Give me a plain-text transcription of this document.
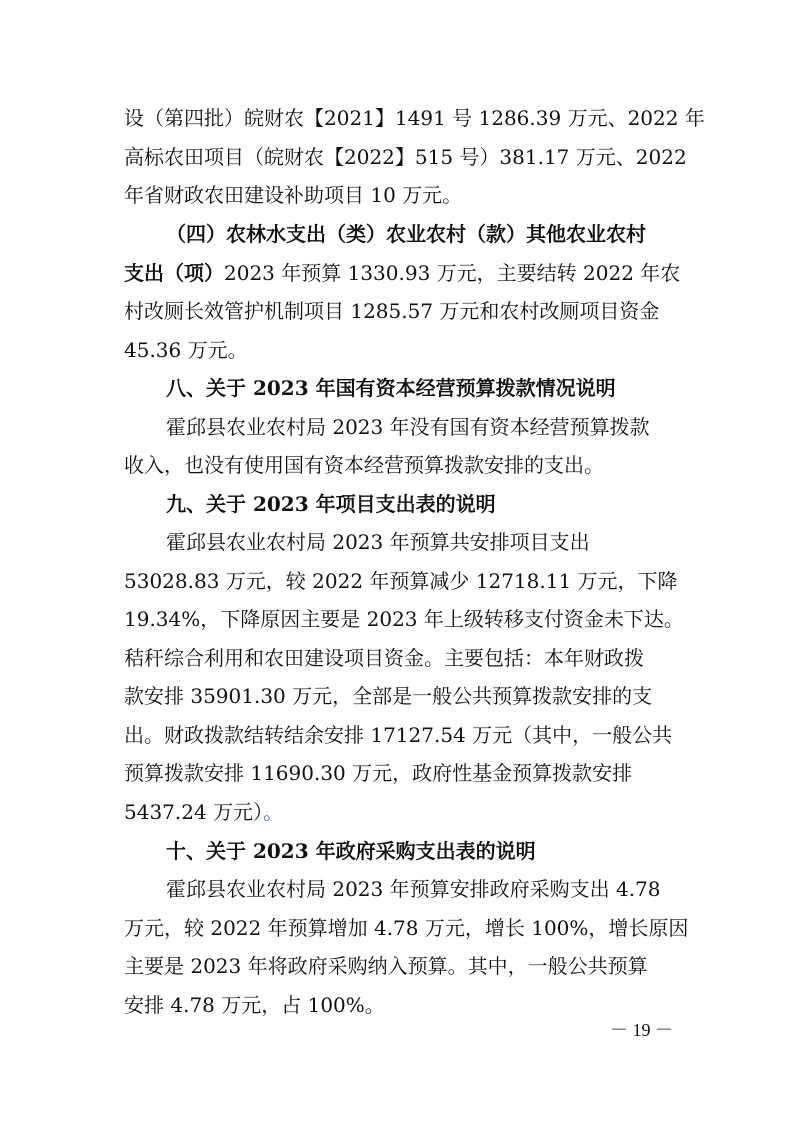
设（第四批）皖财农【2021】1491 号 1286.39 万元、2022 年
高标农田项目（皖财农【2022】515 号）381.17 万元、2022
年省财政农田建设补助项目 10 万元。
（四）农林水支出（类）农业农村（款）其他农业农村
支出（项）2023 年预算 1330.93 万元，主要结转 2022 年农
村改厕长效管护机制项目 1285.57 万元和农村改厕项目资金
45.36 万元。
八、关于 2023 年国有资本经营预算拨款情况说明
霍邱县农业农村局 2023 年没有国有资本经营预算拨款
收入，也没有使用国有资本经营预算拨款安排的支出。
九、关于 2023 年项目支出表的说明
霍邱县农业农村局 2023 年预算共安排项目支出
53028.83 万元，较 2022 年预算减少 12718.11 万元，下降
19.34%，下降原因主要是 2023 年上级转移支付资金未下达。
秸秆综合利用和农田建设项目资金。主要包括：本年财政拨
款安排 35901.30 万元，全部是一般公共预算拨款安排的支
出。财政拨款结转结余安排 17127.54 万元（其中，一般公共
预算拨款安排 11690.30 万元，政府性基金预算拨款安排
5437.24 万元）。
十、关于 2023 年政府采购支出表的说明
霍邱县农业农村局 2023 年预算安排政府采购支出 4.78
万元，较 2022 年预算增加 4.78 万元，增长 100%，增长原因
主要是 2023 年将政府采购纳入预算。其中，一般公共预算
安排 4.78 万元，占 100%。
－ 19 －
